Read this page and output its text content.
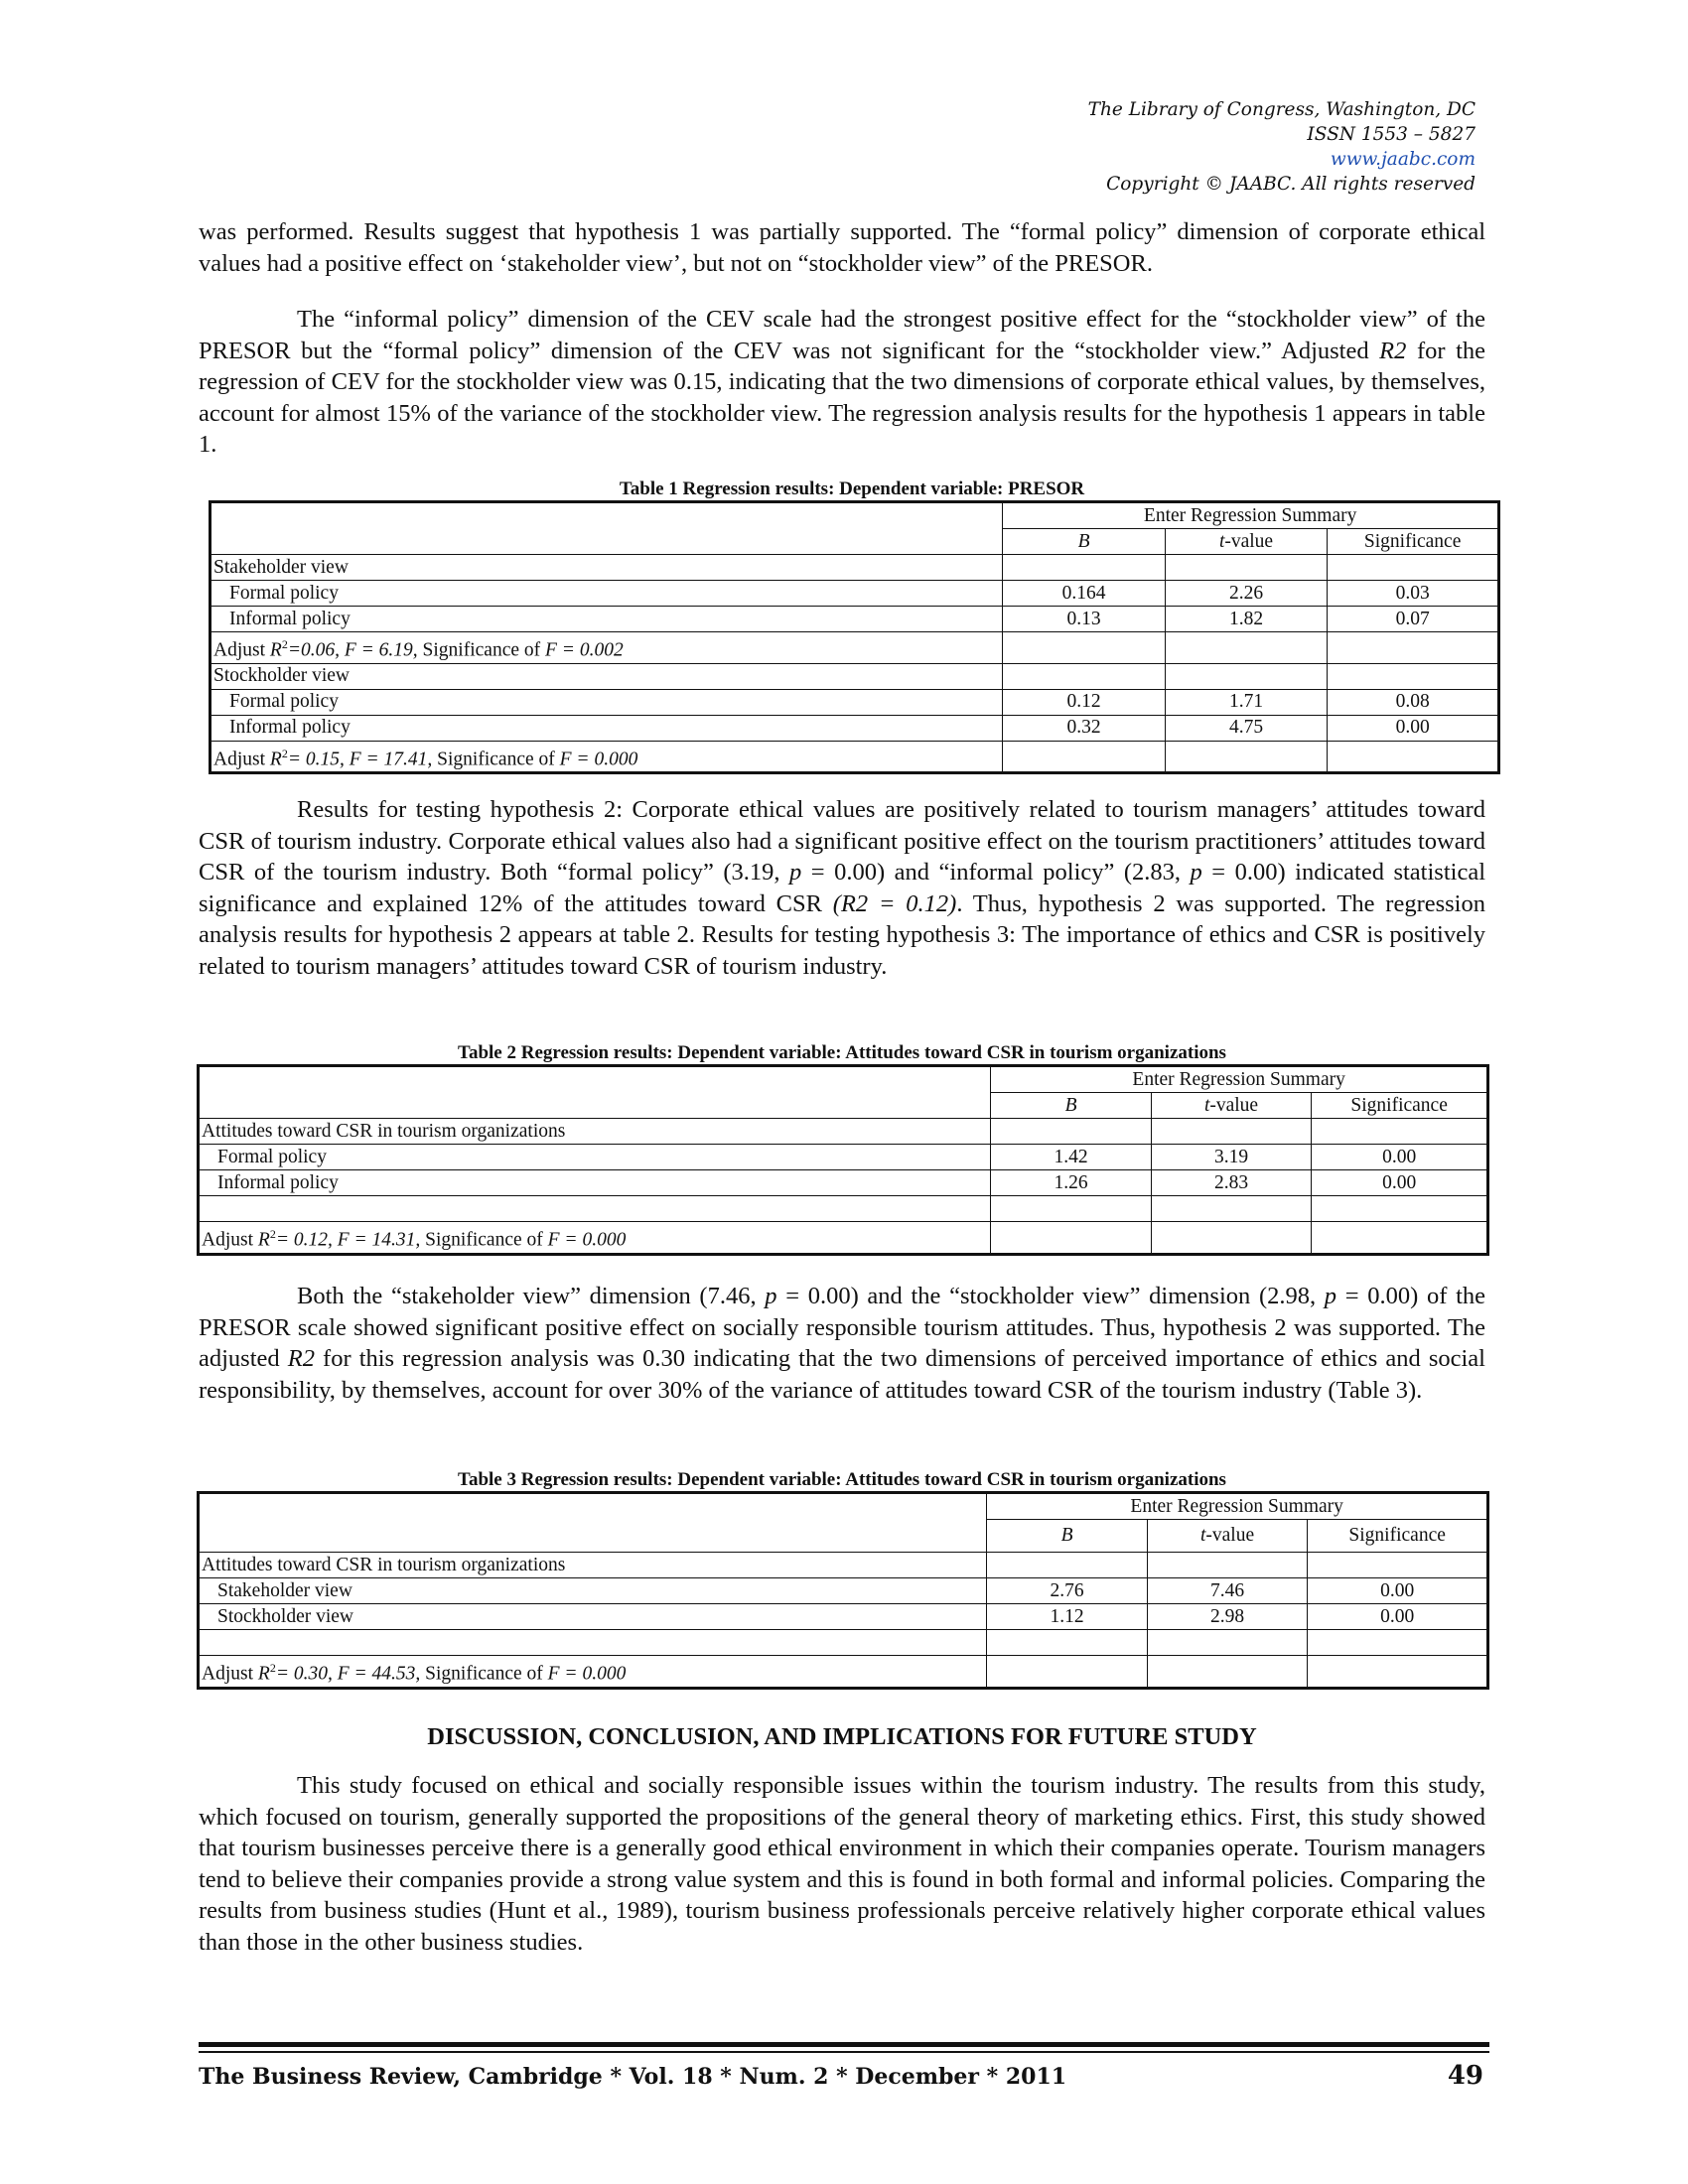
The Library of Congress, Washington, DC
ISSN 1553 – 5827
www.jaabc.com
Copyright © JAABC. All rights reserved

was performed. Results suggest that hypothesis 1 was partially supported. The “formal policy” dimension of corporate ethical values had a positive effect on ‘stakeholder view’, but not on “stockholder view” of the PRESOR.

The “informal policy” dimension of the CEV scale had the strongest positive effect for the “stockholder view” of the PRESOR but the “formal policy” dimension of the CEV was not significant for the “stockholder view.” Adjusted R2 for the regression of CEV for the stockholder view was 0.15, indicating that the two dimensions of corporate ethical values, by themselves, account for almost 15% of the variance of the stockholder view. The regression analysis results for the hypothesis 1 appears in table 1.

Table 1 Regression results: Dependent variable: PRESOR
	Enter Regression Summary		
	B	t-value	Significance
Stakeholder view			
Formal policy	0.164	2.26	0.03
Informal policy	0.13	1.82	0.07
Adjust $R^2=0.06$, F = 6.19, Significance of F = 0.002			
Stockholder view			
Formal policy	0.12	1.71	0.08
Informal policy	0.32	4.75	0.00
Adjust $R^2= 0.15$, F = 17.41, Significance of F = 0.000			

Results for testing hypothesis 2: Corporate ethical values are positively related to tourism managers’ attitudes toward CSR of tourism industry. Corporate ethical values also had a significant positive effect on the tourism practitioners’ attitudes toward CSR of the tourism industry. Both “formal policy” (3.19, p = 0.00) and “informal policy” (2.83, p = 0.00) indicated statistical significance and explained 12% of the attitudes toward CSR (R2 = 0.12). Thus, hypothesis 2 was supported. The regression analysis results for hypothesis 2 appears at table 2. Results for testing hypothesis 3: The importance of ethics and CSR is positively related to tourism managers’ attitudes toward CSR of tourism industry.

Table 2 Regression results: Dependent variable: Attitudes toward CSR in tourism organizations
	Enter Regression Summary		
	B	t-value	Significance
Attitudes toward CSR in tourism organizations			
Formal policy	1.42	3.19	0.00
Informal policy	1.26	2.83	0.00

Adjust $R^2= 0.12$, F = 14.31, Significance of F = 0.000			

Both the “stakeholder view” dimension (7.46, p = 0.00) and the “stockholder view” dimension (2.98, p = 0.00) of the PRESOR scale showed significant positive effect on socially responsible tourism attitudes. Thus, hypothesis 2 was supported. The adjusted R2 for this regression analysis was 0.30 indicating that the two dimensions of perceived importance of ethics and social responsibility, by themselves, account for over 30% of the variance of attitudes toward CSR of the tourism industry (Table 3).

Table 3 Regression results: Dependent variable: Attitudes toward CSR in tourism organizations
	Enter Regression Summary		
	B	t-value	Significance
Attitudes toward CSR in tourism organizations			
Stakeholder view	2.76	7.46	0.00
Stockholder view	1.12	2.98	0.00

Adjust $R^2= 0.30$, F = 44.53, Significance of F = 0.000			
DISCUSSION, CONCLUSION, AND IMPLICATIONS FOR FUTURE STUDY

This study focused on ethical and socially responsible issues within the tourism industry. The results from this study, which focused on tourism, generally supported the propositions of the general theory of marketing ethics. First, this study showed that tourism businesses perceive there is a generally good ethical environment in which their companies operate. Tourism managers tend to believe their companies provide a strong value system and this is found in both formal and informal policies. Comparing the results from business studies (Hunt et al., 1989), tourism business professionals perceive relatively higher corporate ethical values than those in the other business studies.

The Business Review, Cambridge * Vol. 18 * Num. 2 * December * 2011	49
